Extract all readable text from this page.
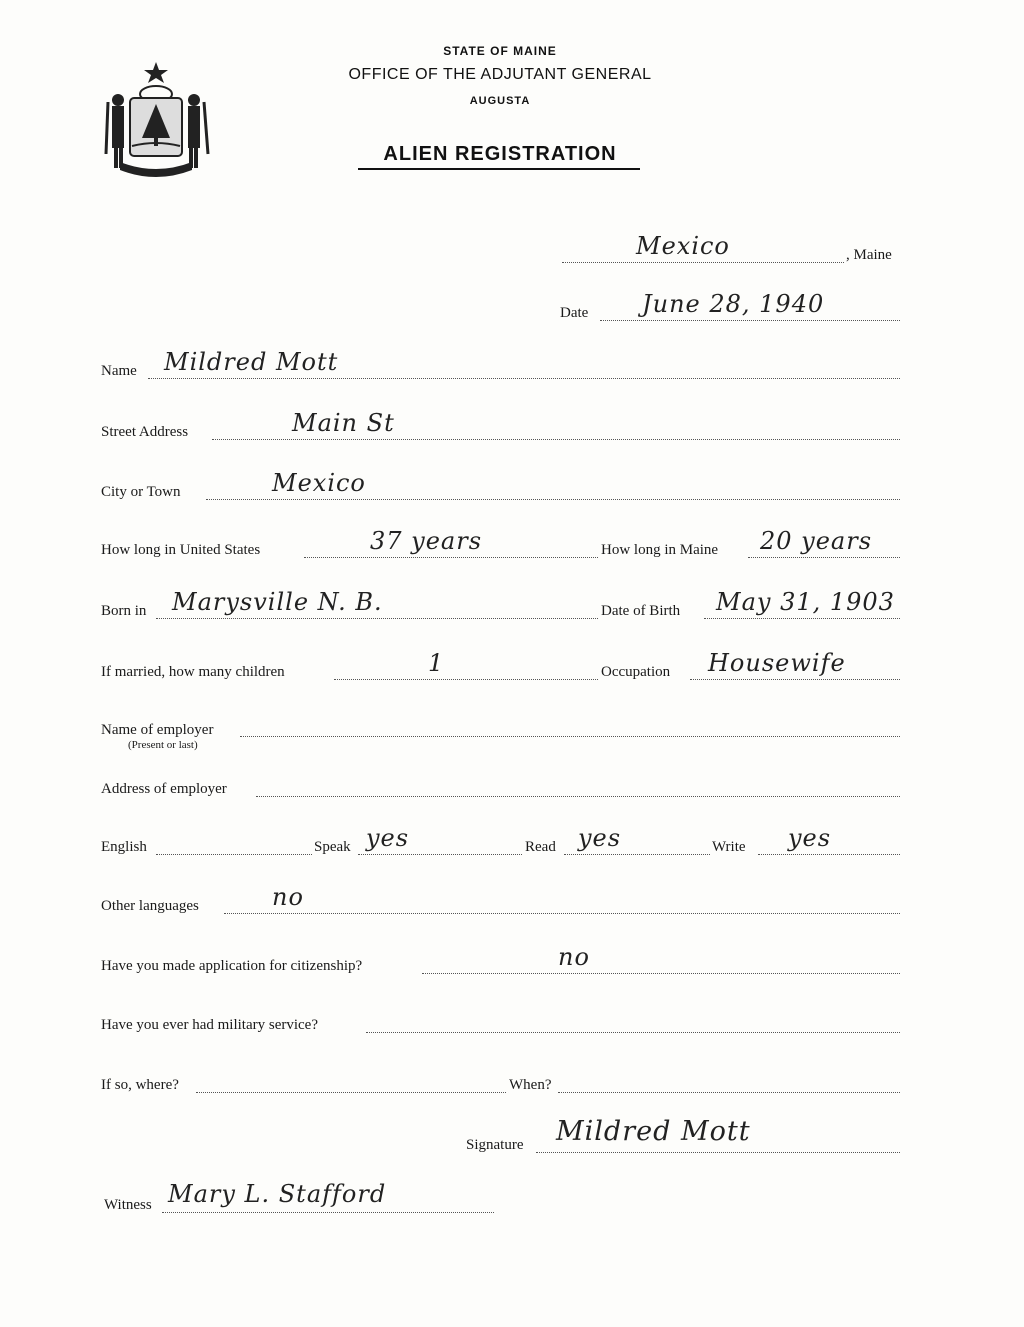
STATE OF MAINE
OFFICE OF THE ADJUTANT GENERAL
AUGUSTA
ALIEN REGISTRATION
Mexico	, Maine
Date June 28, 1940
Name Mildred Mott
Street Address	Main St
City or Town	Mexico
How long in United States	37 years	How long in Maine 20 years
Born in Marysville N. B.	Date of Birth May 31, 1903
If married, how many children	1	Occupation Housewife
Name of employer
(Present or last)
Address of employer
English	Speak yes	Read yes	Write yes
Other languages	no
Have you made application for citizenship?	no
Have you ever had military service?
If so, where?	When?
Signature Mildred Mott
Witness Mary L. Stafford
